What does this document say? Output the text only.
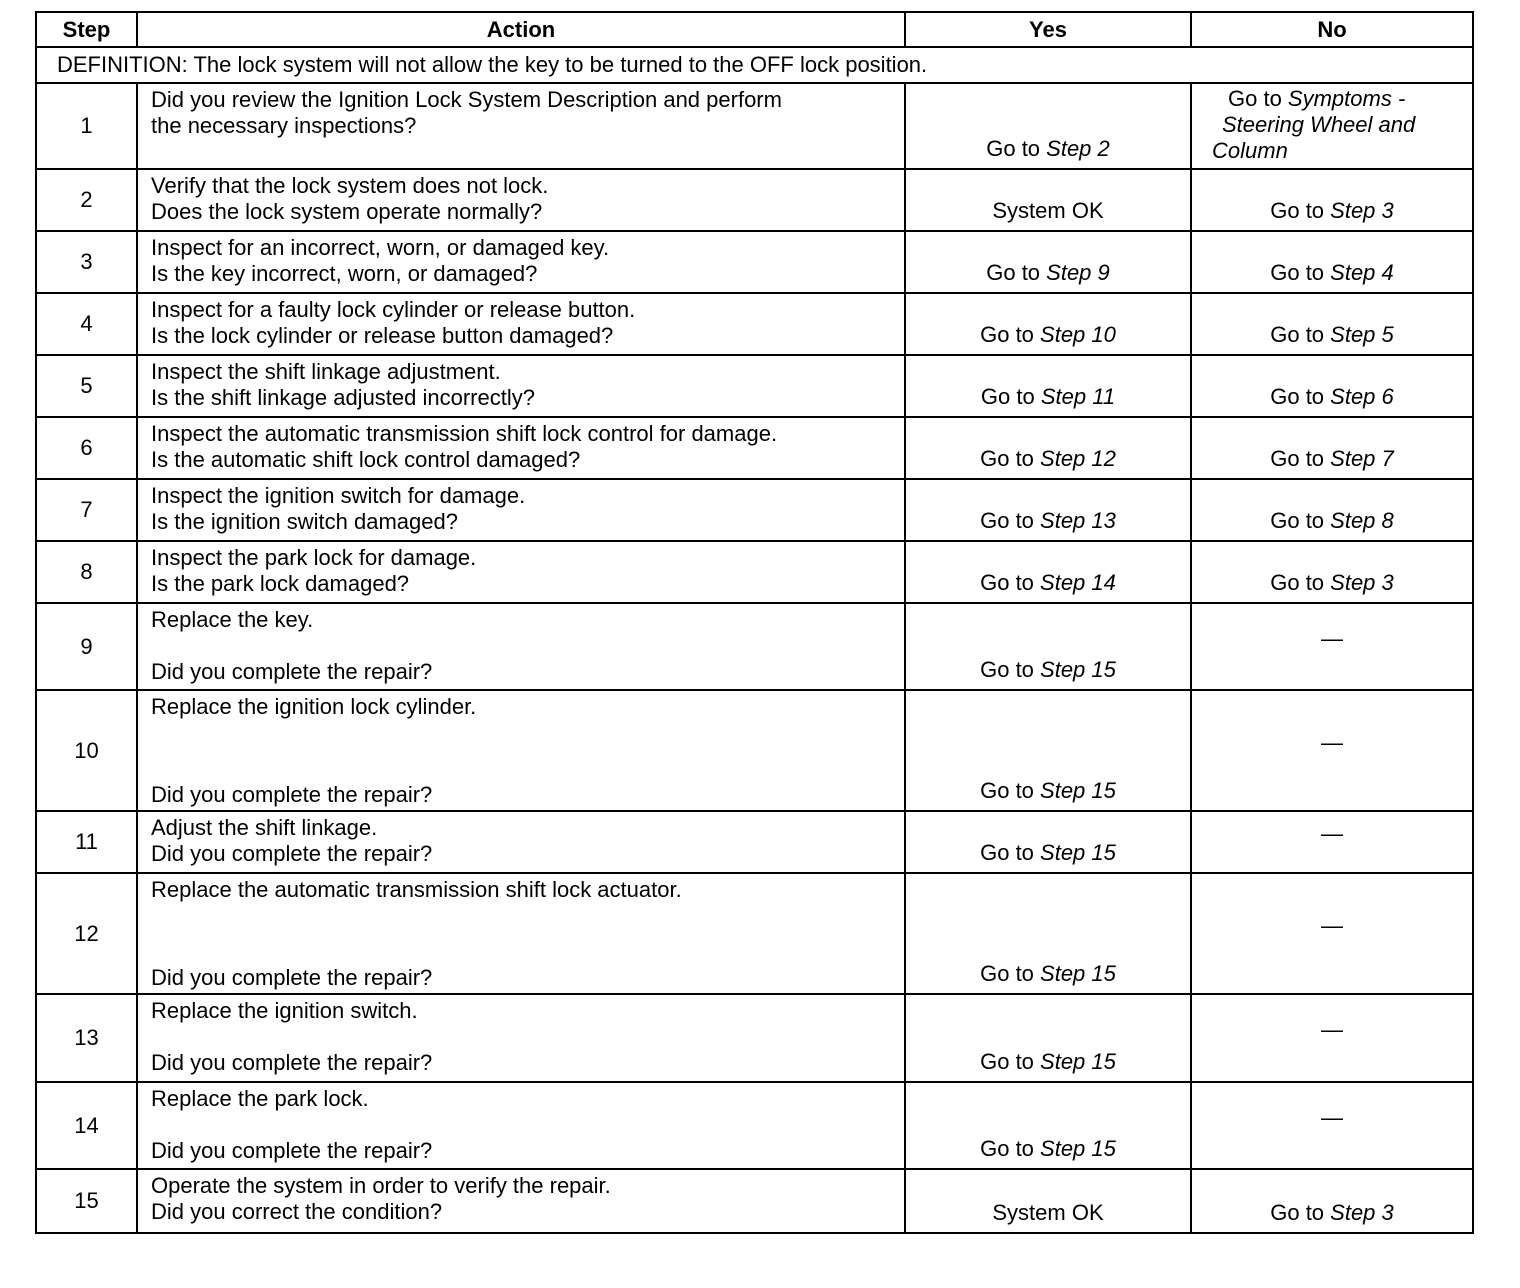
Step	Action	Yes	No
DEFINITION: The lock system will not allow the key to be turned to the OFF lock position.			
1	Did you review the Ignition Lock System Description and perform
the necessary inspections?	Go to Step 2	Go to Symptoms -
Steering Wheel and
Column

2	Verify that the lock system does not lock.
Does the lock system operate normally?	System OK	Go to Step 3
3	Inspect for an incorrect, worn, or damaged key.
Is the key incorrect, worn, or damaged?	Go to Step 9	Go to Step 4
4	Inspect for a faulty lock cylinder or release button.
Is the lock cylinder or release button damaged?	Go to Step 10	Go to Step 5
5	Inspect the shift linkage adjustment.
Is the shift linkage adjusted incorrectly?	Go to Step 11	Go to Step 6
6	Inspect the automatic transmission shift lock control for damage.
Is the automatic shift lock control damaged?	Go to Step 12	Go to Step 7
7	Inspect the ignition switch for damage.
Is the ignition switch damaged?	Go to Step 13	Go to Step 8
8	Inspect the park lock for damage.
Is the park lock damaged?	Go to Step 14	Go to Step 3
9	Replace the key.
Did you complete the repair?	Go to Step 15	—
10	Replace the ignition lock cylinder.
Did you complete the repair?	Go to Step 15	—
11	Adjust the shift linkage.
Did you complete the repair?	Go to Step 15	—
12	Replace the automatic transmission shift lock actuator.
Did you complete the repair?	Go to Step 15	—
13	Replace the ignition switch.
Did you complete the repair?	Go to Step 15	—
14	Replace the park lock.
Did you complete the repair?	Go to Step 15	—
15	Operate the system in order to verify the repair.
Did you correct the condition?	System OK	Go to Step 3
